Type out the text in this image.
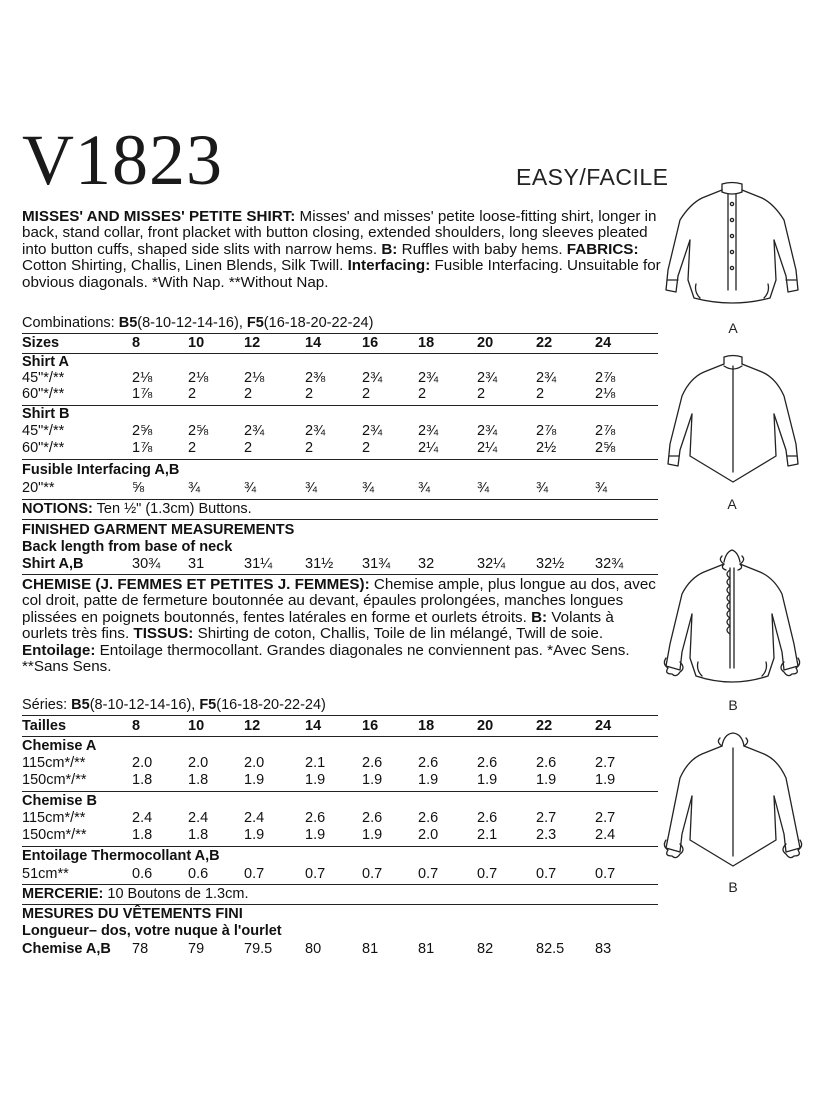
V1823	EASY/FACILE

MISSES' AND MISSES' PETITE SHIRT: Misses' and misses' petite loose-fitting shirt, longer in back, stand collar, front placket with button closing, extended shoulders, long sleeves pleated into button cuffs, shaped side slits with narrow hems. B: Ruffles with baby hems. FABRICS: Cotton Shirting, Challis, Linen Blends, Silk Twill. Interfacing: Fusible Interfacing. Unsuitable for obvious diagonals. *With Nap. **Without Nap.

Combinations: B5(8-10-12-14-16), F5(16-18-20-22-24)
Sizes	8	10	12	14	16	18	20	22	24
Shirt A
45"*/**	2⅛	2⅛	2⅛	2⅜	2¾	2¾	2¾	2¾	2⅞
60"*/**	1⅞	2	2	2	2	2	2	2	2⅛
Shirt B
45"*/**	2⅝	2⅝	2¾	2¾	2¾	2¾	2¾	2⅞	2⅞
60"*/**	1⅞	2	2	2	2	2¼	2¼	2½	2⅝
Fusible Interfacing A,B
20"**	⅝	¾	¾	¾	¾	¾	¾	¾	¾
NOTIONS: Ten ½" (1.3cm) Buttons.
FINISHED GARMENT MEASUREMENTS
Back length from base of neck
Shirt A,B	30¾	31	31¼	31½	31¾	32	32¼	32½	32¾

CHEMISE (J. FEMMES ET PETITES J. FEMMES): Chemise ample, plus longue au dos, avec col droit, patte de fermeture boutonnée au devant, épaules prolongées, manches longues plissées en poignets boutonnés, fentes latérales en forme et ourlets étroits. B: Volants à ourlets très fins. TISSUS: Shirting de coton, Challis, Toile de lin mélangé, Twill de soie. Entoilage: Entoilage thermocollant. Grandes diagonales ne conviennent pas. *Avec Sens. **Sans Sens.

Séries: B5(8-10-12-14-16), F5(16-18-20-22-24)
Tailles	8	10	12	14	16	18	20	22	24
Chemise A
115cm*/**	2.0	2.0	2.0	2.1	2.6	2.6	2.6	2.6	2.7
150cm*/**	1.8	1.8	1.9	1.9	1.9	1.9	1.9	1.9	1.9
Chemise B
115cm*/**	2.4	2.4	2.4	2.6	2.6	2.6	2.6	2.7	2.7
150cm*/**	1.8	1.8	1.9	1.9	1.9	2.0	2.1	2.3	2.4
Entoilage Thermocollant A,B
51cm**	0.6	0.6	0.7	0.7	0.7	0.7	0.7	0.7	0.7
MERCERIE: 10 Boutons de 1.3cm.
MESURES DU VÊTEMENTS FINI
Longueur– dos, votre nuque à l'ourlet
Chemise A,B 78	79	79.5	80	81	81	82	82.5	83
A
A
B
B
